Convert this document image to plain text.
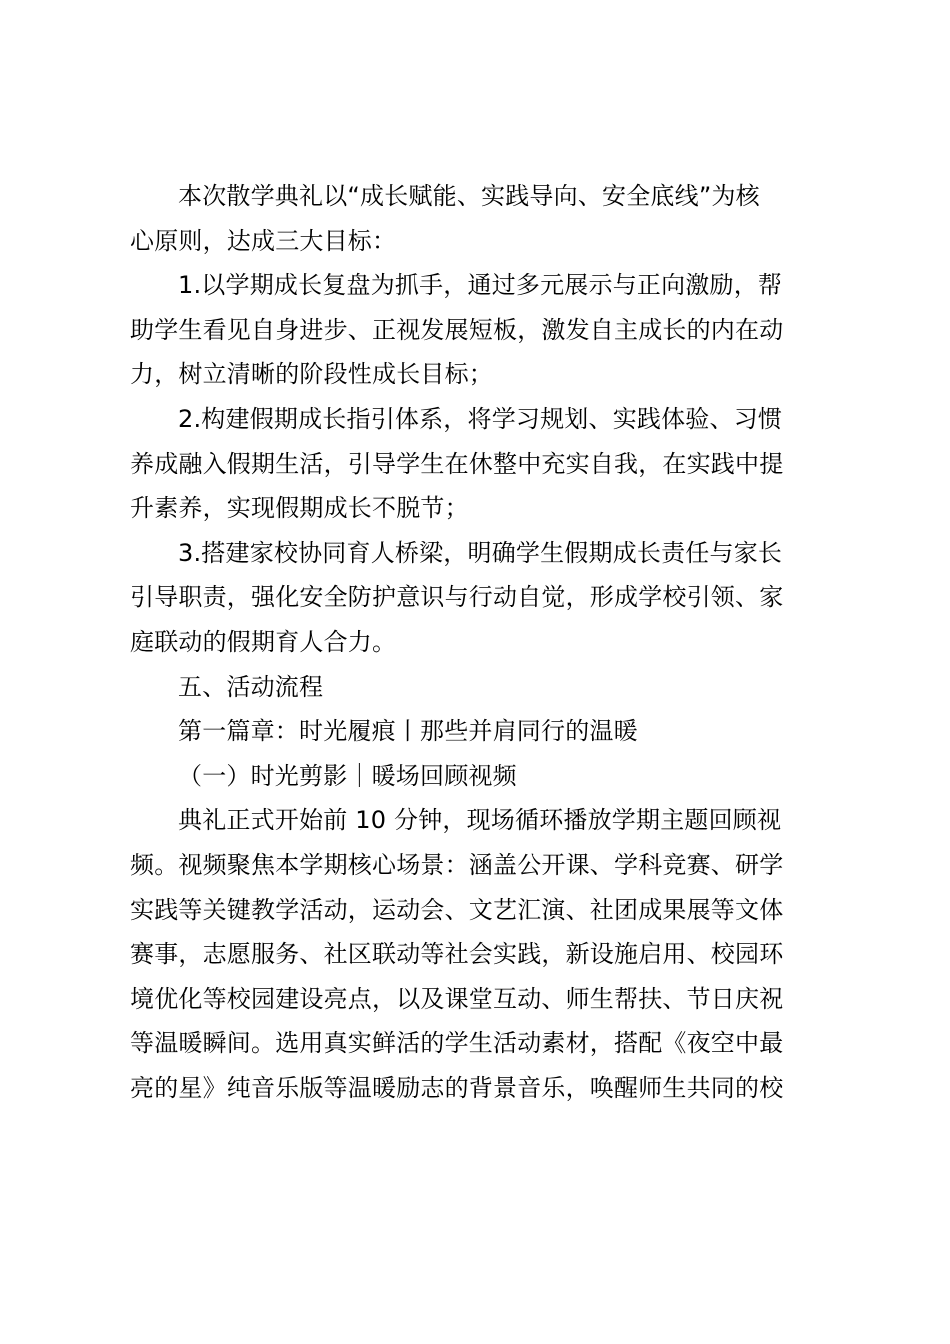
本次散学典礼以“成长赋能、实践导向、安全底线”为核
心原则，达成三大目标：
1.以学期成长复盘为抓手，通过多元展示与正向激励，帮
助学生看见自身进步、正视发展短板，激发自主成长的内在动
力，树立清晰的阶段性成长目标；
2.构建假期成长指引体系，将学习规划、实践体验、习惯
养成融入假期生活，引导学生在休整中充实自我，在实践中提
升素养，实现假期成长不脱节；
3.搭建家校协同育人桥梁，明确学生假期成长责任与家长
引导职责，强化安全防护意识与行动自觉，形成学校引领、家
庭联动的假期育人合力。
五、活动流程
第一篇章：时光履痕丨那些并肩同行的温暖
（一）时光剪影｜暖场回顾视频
典礼正式开始前 10 分钟，现场循环播放学期主题回顾视
频。视频聚焦本学期核心场景：涵盖公开课、学科竞赛、研学
实践等关键教学活动，运动会、文艺汇演、社团成果展等文体
赛事，志愿服务、社区联动等社会实践，新设施启用、校园环
境优化等校园建设亮点，以及课堂互动、师生帮扶、节日庆祝
等温暖瞬间。选用真实鲜活的学生活动素材，搭配《夜空中最
亮的星》纯音乐版等温暖励志的背景音乐，唤醒师生共同的校
